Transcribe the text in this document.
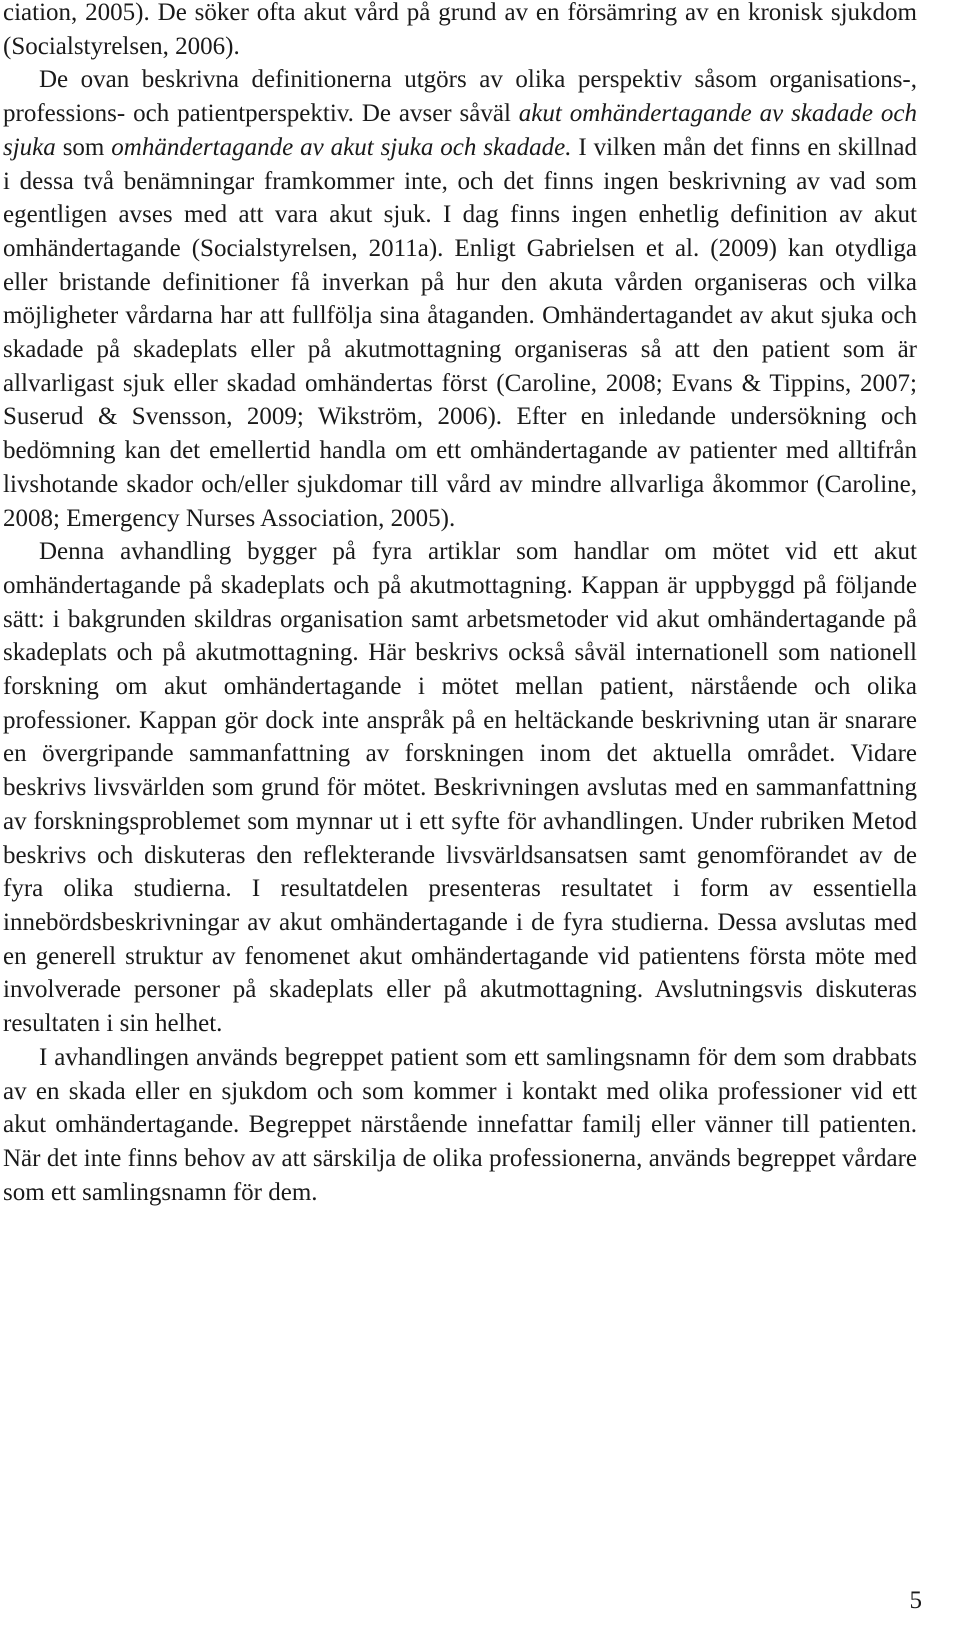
ciation, 2005). De söker ofta akut vård på grund av en försämring av en kronisk sjukdom (Socialstyrelsen, 2006).

De ovan beskrivna definitionerna utgörs av olika perspektiv såsom organisations-, professions- och patientperspektiv. De avser såväl akut omhändertagande av skadade och sjuka som omhändertagande av akut sjuka och skadade. I vilken mån det finns en skillnad i dessa två benämningar framkommer inte, och det finns ingen beskrivning av vad som egentligen avses med att vara akut sjuk. I dag finns ingen enhetlig definition av akut omhändertagande (Socialstyrelsen, 2011a). Enligt Gabrielsen et al. (2009) kan otydliga eller bristande definitioner få inverkan på hur den akuta vården organiseras och vilka möjligheter vårdarna har att fullfölja sina åtaganden. Omhändertagandet av akut sjuka och skadade på skadeplats eller på akutmottagning organiseras så att den patient som är allvarligast sjuk eller skadad omhändertas först (Caroline, 2008; Evans & Tippins, 2007; Suserud & Svensson, 2009; Wikström, 2006). Efter en inledande undersökning och bedömning kan det emellertid handla om ett omhändertagande av patienter med alltifrån livshotande skador och/eller sjukdomar till vård av mindre allvarliga åkommor (Caroline, 2008; Emergency Nurses Association, 2005).

Denna avhandling bygger på fyra artiklar som handlar om mötet vid ett akut omhändertagande på skadeplats och på akutmottagning. Kappan är uppbyggd på följande sätt: i bakgrunden skildras organisation samt arbetsmetoder vid akut omhändertagande på skadeplats och på akutmottagning. Här beskrivs också såväl internationell som nationell forskning om akut omhändertagande i mötet mellan patient, närstående och olika professioner. Kappan gör dock inte anspråk på en heltäckande beskrivning utan är snarare en övergripande sammanfattning av forskningen inom det aktuella området. Vidare beskrivs livsvärlden som grund för mötet. Beskrivningen avslutas med en sammanfattning av forskningsproblemet som mynnar ut i ett syfte för avhandlingen. Under rubriken Metod beskrivs och diskuteras den reflekterande livsvärldsansatsen samt genomförandet av de fyra olika studierna. I resultatdelen presenteras resultatet i form av essentiella innebördsbeskrivningar av akut omhändertagande i de fyra studierna. Dessa avslutas med en generell struktur av fenomenet akut omhändertagande vid patientens första möte med involverade personer på skadeplats eller på akutmottagning. Avslutningsvis diskuteras resultaten i sin helhet.

I avhandlingen används begreppet patient som ett samlingsnamn för dem som drabbats av en skada eller en sjukdom och som kommer i kontakt med olika professioner vid ett akut omhändertagande. Begreppet närstående innefattar familj eller vänner till patienten. När det inte finns behov av att särskilja de olika professionerna, används begreppet vårdare som ett samlingsnamn för dem.

5
